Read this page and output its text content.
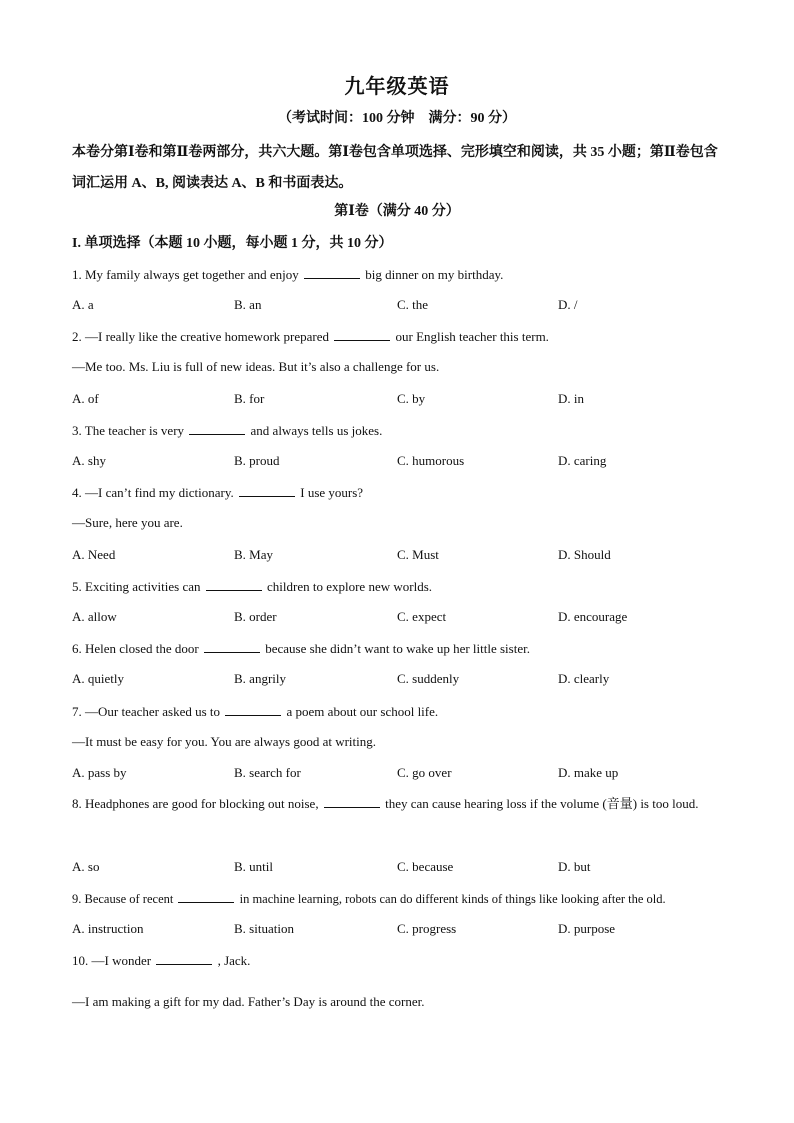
九年级英语
（考试时间：100 分钟　满分：90 分）
本卷分第Ⅰ卷和第Ⅱ卷两部分，共六大题。第Ⅰ卷包含单项选择、完形填空和阅读，共 35 小题；第Ⅱ卷包含词汇运用 A、B, 阅读表达 A、B 和书面表达。
第Ⅰ卷（满分 40 分）
I. 单项选择（本题 10 小题，每小题 1 分，共 10 分）
1. My family always get together and enjoy	big dinner on my birthday.
A. a	B. an	C. the	D. /
2. —I really like the creative homework prepared	our English teacher this term.
—Me too. Ms. Liu is full of new ideas. But it’s also a challenge for us.
A. of	B. for	C. by	D. in
3. The teacher is very	and always tells us jokes.
A. shy	B. proud	C. humorous	D. caring
4. —I can’t find my dictionary.	I use yours?
—Sure, here you are.
A. Need	B. May	C. Must	D. Should
5. Exciting activities can	children to explore new worlds.
A. allow	B. order	C. expect	D. encourage
6. Helen closed the door	because she didn’t want to wake up her little sister.
A. quietly	B. angrily	C. suddenly	D. clearly
7. —Our teacher asked us to	a poem about our school life.
—It must be easy for you. You are always good at writing.
A. pass by	B. search for	C. go over	D. make up
8. Headphones are good for blocking out noise,	they can cause hearing loss if the volume (音量) is too loud.
A. so	B. until	C. because	D. but
9. Because of recent	in machine learning, robots can do different kinds of things like looking after the old.
A. instruction	B. situation	C. progress	D. purpose
10. —I wonder	, Jack.
—I am making a gift for my dad. Father’s Day is around the corner.
